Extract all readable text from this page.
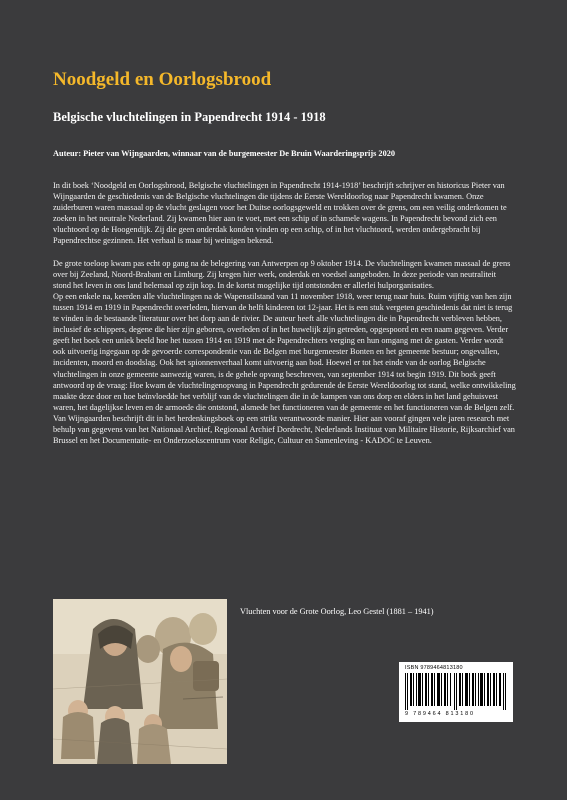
Noodgeld en Oorlogsbrood
Belgische vluchtelingen in Papendrecht 1914 - 1918

Auteur: Pieter van Wijngaarden, winnaar van de burgemeester De Bruin Waarderingsprijs 2020

In dit boek ‘Noodgeld en Oorlogsbrood, Belgische vluchtelingen in Papendrecht 1914-1918’ beschrijft schrijver en historicus Pieter van Wijngaarden de geschiedenis van de Belgische vluchtelingen die tijdens de Eerste Wereldoorlog naar Papendrecht kwamen. Onze zuiderburen waren massaal op de vlucht geslagen voor het Duitse oorlogsgeweld en trokken over de grens, om een veilig onderkomen te zoeken in het neutrale Nederland. Zij kwamen hier aan te voet, met een schip of in schamele wagens. In Papendrecht bevond zich een vluchtoord op de Hoogendijk. Zij die geen onderdak konden vinden op een schip, of in het vluchtoord, werden ondergebracht bij Papendrechtse gezinnen. Het verhaal is maar bij weinigen bekend.

De grote toeloop kwam pas echt op gang na de belegering van Antwerpen op 9 oktober 1914. De vluchtelingen kwamen massaal de grens over bij Zeeland, Noord-Brabant en Limburg. Zij kregen hier werk, onderdak en voedsel aangeboden. In deze periode van neutraliteit stond het leven in ons land helemaal op zijn kop. In de kortst mogelijke tijd ontstonden er allerlei hulporganisaties.

Op een enkele na, keerden alle vluchtelingen na de Wapenstilstand van 11 november 1918, weer terug naar huis. Ruim vijftig van hen zijn tussen 1914 en 1919 in Papendrecht overleden, hiervan de helft kinderen tot 12-jaar. Het is een stuk vergeten geschiedenis dat niet is terug te vinden in de bestaande literatuur over het dorp aan de rivier. De auteur heeft alle vluchtelingen die in Papendrecht verbleven hebben, inclusief de schippers, degene die hier zijn geboren, overleden of in het huwelijk zijn getreden, opgespoord en een naam gegeven. Verder geeft het boek een uniek beeld hoe het tussen 1914 en 1919 met de Papendrechters verging en hun omgang met de gasten. Verder wordt ook uitvoerig ingegaan op de gevoerde correspondentie van de Belgen met burgemeester Bonten en het gemeente bestuur; ongevallen, incidenten, moord en doodslag. Ook het spionnenverhaal komt uitvoerig aan bod. Hoewel er tot het einde van de oorlog Belgische vluchtelingen in onze gemeente aanwezig waren, is de gehele opvang beschreven, van september 1914 tot begin 1919. Dit boek geeft antwoord op de vraag: Hoe kwam de vluchtelingenopvang in Papendrecht gedurende de Eerste Wereldoorlog tot stand, welke ontwikkeling maakte deze door en hoe beïnvloedde het verblijf van de vluchtelingen die in de kampen van ons dorp en elders in het land gehuisvest waren, het dagelijkse leven en de armoede die ontstond, alsmede het functioneren van de gemeente en het functioneren van de Belgen zelf. Van Wijngaarden beschrijft dit in het herdenkingsboek op een strikt verantwoorde manier. Hier aan vooraf gingen vele jaren research met behulp van gegevens van het Nationaal Archief, Regionaal Archief Dordrecht, Nederlands Instituut van Militaire Historie, Rijksarchief van Brussel en het Documentatie- en Onderzoekscentrum voor Religie, Cultuur en Samenleving - KADOC te Leuven.

Vluchten voor de Grote Oorlog, Leo Gestel (1881 – 1941)
ISBN 9789464813180
9 789464 813180
